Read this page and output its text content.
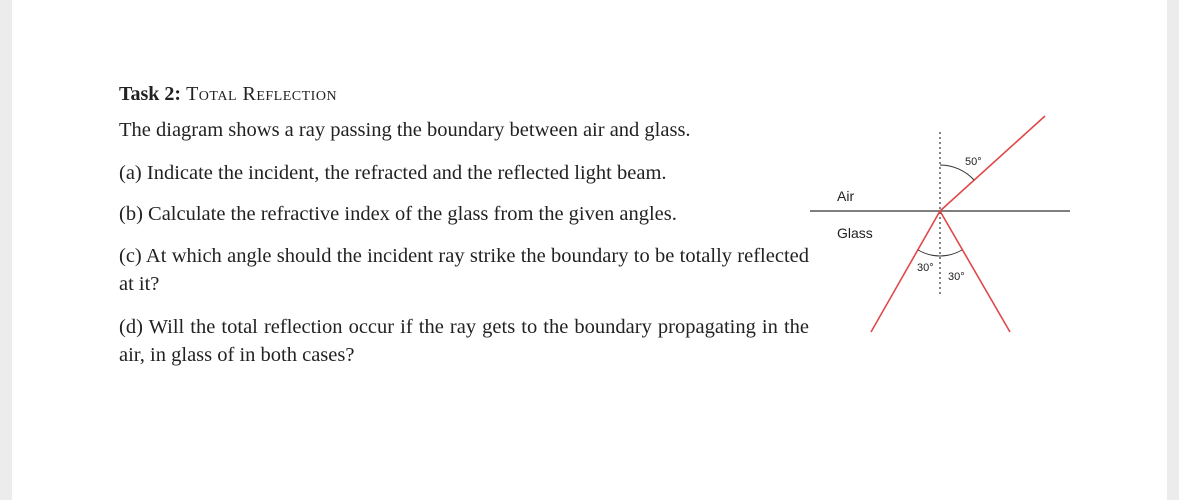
Task 2: Total Reflection
The diagram shows a ray passing the boundary between air and glass.
(a) Indicate the incident, the refracted and the reflected light beam.
(b) Calculate the refractive index of the glass from the given angles.
(c) At which angle should the incident ray strike the boundary to be totally reflected at it?
(d) Will the total reflection occur if the ray gets to the boundary propagating in the air, in glass of in both cases?
Air
Glass
50°
30°
30°
